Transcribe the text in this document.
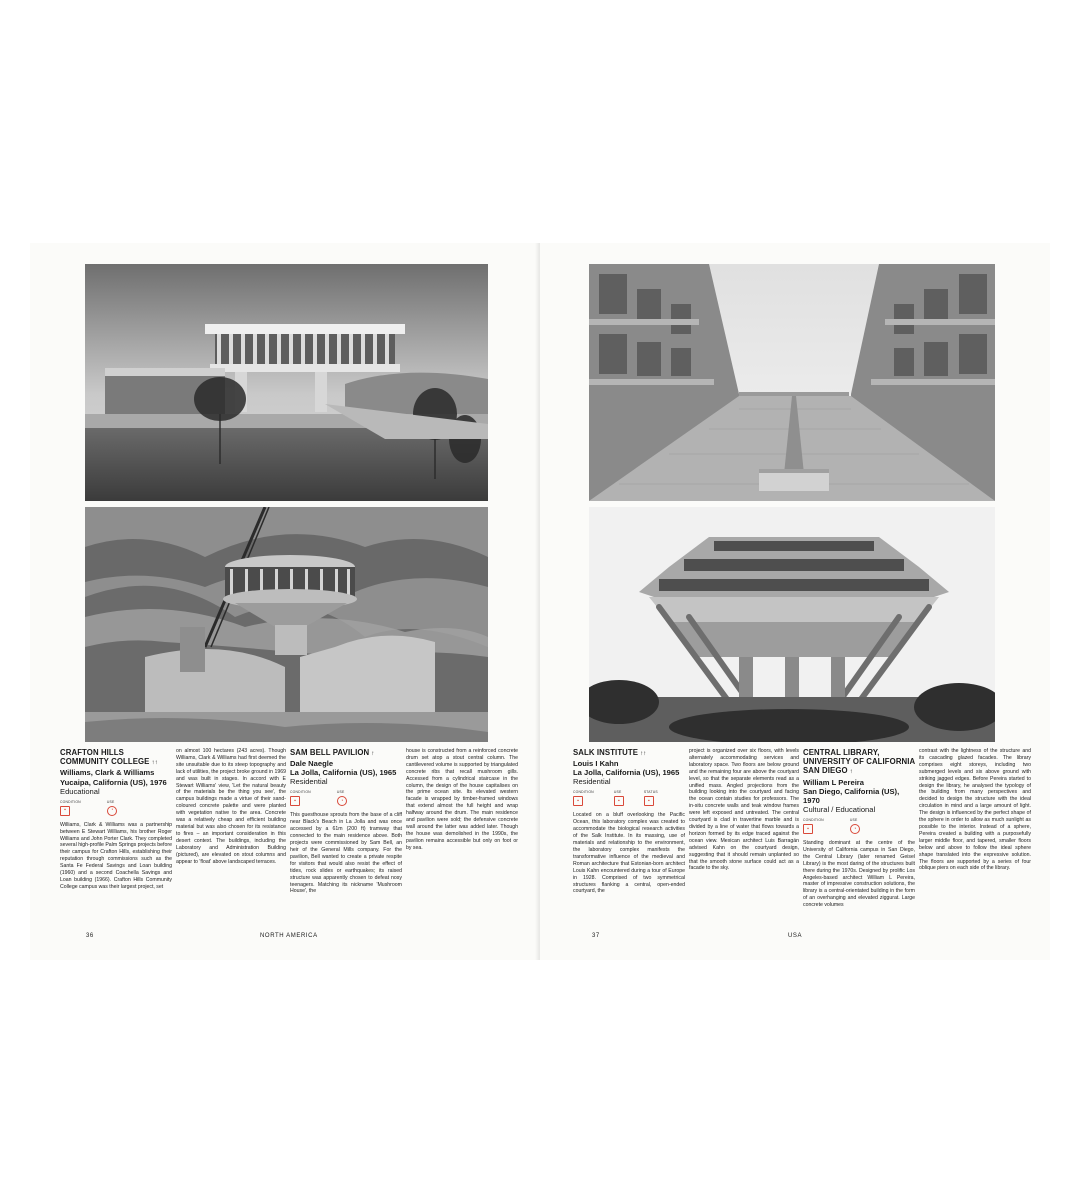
CRAFTON HILLS COMMUNITY COLLEGE ↑↑
Williams, Clark & Williams
Yucaipa, California (US), 1976
Educational
CONDITION
▪
USE
◔

Williams, Clark & Williams was a partnership between E Stewart Williams, his brother Roger Williams and John Porter Clark. They completed several high-profile Palm Springs projects before their campus for Crafton Hills, establishing their reputation through commissions such as the Santa Fe Federal Savings and Loan building (1960) and a second Coachella Savings and Loan building (1966). Crafton Hills Community College campus was their largest project, set

on almost 100 hectares (243 acres). Though Williams, Clark & Williams had first deemed the site unsuitable due to its steep topography and lack of utilities, the project broke ground in 1969 and was built in stages. In accord with E Stewart Williams' view, 'Let the natural beauty of the materials be the thing you see', the campus buildings made a virtue of their sand-coloured concrete palette and were planted with vegetation native to the area. Concrete was a relatively cheap and efficient building material but was also chosen for its resistance to fires – an important consideration in this desert context. The buildings, including the Laboratory and Administration Building (pictured), are elevated on stout columns and appear to 'float' above landscaped terraces.
SAM BELL PAVILION ↑
Dale Naegle
La Jolla, California (US), 1965
Residential
CONDITION
▪
USE
◔

This guesthouse sprouts from the base of a cliff near Black's Beach in La Jolla and was once accessed by a 61m (200 ft) tramway that connected to the main residence above. Both projects were commissioned by Sam Bell, an heir of the General Mills company. For the pavilion, Bell wanted to create a private respite for visitors that would also resist the effect of tides, rock slides or earthquakes; its raised structure was apparently chosen to defeat nosy teenagers. Matching its nickname 'Mushroom House', the

house is constructed from a reinforced concrete drum set atop a stout central column. The cantilevered volume is supported by triangulated concrete ribs that recall mushroom gills. Accessed from a cylindrical staircase in the column, the design of the house capitalises on the prime ocean site. Its elevated western facade is wrapped by timber-framed windows that extend almost the full height and wrap halfway around the drum. The main residence and pavilion were sold; the defensive concrete wall around the latter was added later. Though the house was demolished in the 1990s, the pavilion remains accessible but only on foot or by sea.
36	NORTH AMERICA
SALK INSTITUTE ↑↑
Louis I Kahn
La Jolla, California (US), 1965
Residential
CONDITION
▪
USE
▪
STATUS
▪

Located on a bluff overlooking the Pacific Ocean, this laboratory complex was created to accommodate the biological research activities of the Salk Institute. In its massing, use of materials and relationship to the environment, the laboratory complex manifests the transformative influence of the medieval and Roman architecture that Estonian-born architect Louis Kahn encountered during a tour of Europe in 1928. Comprised of two symmetrical structures flanking a central, open-ended courtyard, the

project is organized over six floors, with levels alternately accommodating services and laboratory space. Two floors are below ground and the remaining four are above the courtyard level, so that the separate elements read as a unified mass. Angled projections from the building looking into the courtyard and facing the ocean contain studies for professors. The in-situ concrete walls and teak window frames were left exposed and untreated. The central courtyard is clad in travertine marble and is divided by a line of water that flows towards a horizon formed by its edge traced against the ocean view. Mexican architect Luis Barragán advised Kahn on the courtyard design, suggesting that it should remain unplanted so that the smooth stone surface could act as a facade to the sky.
CENTRAL LIBRARY, UNIVERSITY OF CALIFORNIA SAN DIEGO ↑
William L Pereira
San Diego, California (US), 1970
Cultural / Educational
CONDITION
▪
USE
◔

Standing dominant at the centre of the University of California campus in San Diego, the Central Library (later renamed Geisel Library) is the most daring of the structures built there during the 1970s. Designed by prolific Los Angeles-based architect William L Pereira, master of impressive construction solutions, the library is a central-orientated building in the form of an overhanging and elevated ziggurat. Large concrete volumes

contrast with the lightness of the structure and its cascading glazed facades. The library comprises eight storeys, including two submerged levels and six above ground with striking jagged edges. Before Pereira started to design the library, he analysed the typology of the building from many perspectives and decided to design the structure with the ideal circulation in mind and a large amount of light. The design is influenced by the perfect shape of the sphere in order to allow as much sunlight as possible to the interior. Instead of a sphere, Pereira created a building with a purposefully larger middle floor, and tapered, smaller floors below and above to follow the ideal sphere shape translated into the expressive solution. The floors are supported by a series of four oblique piers on each side of the library.
37	USA
